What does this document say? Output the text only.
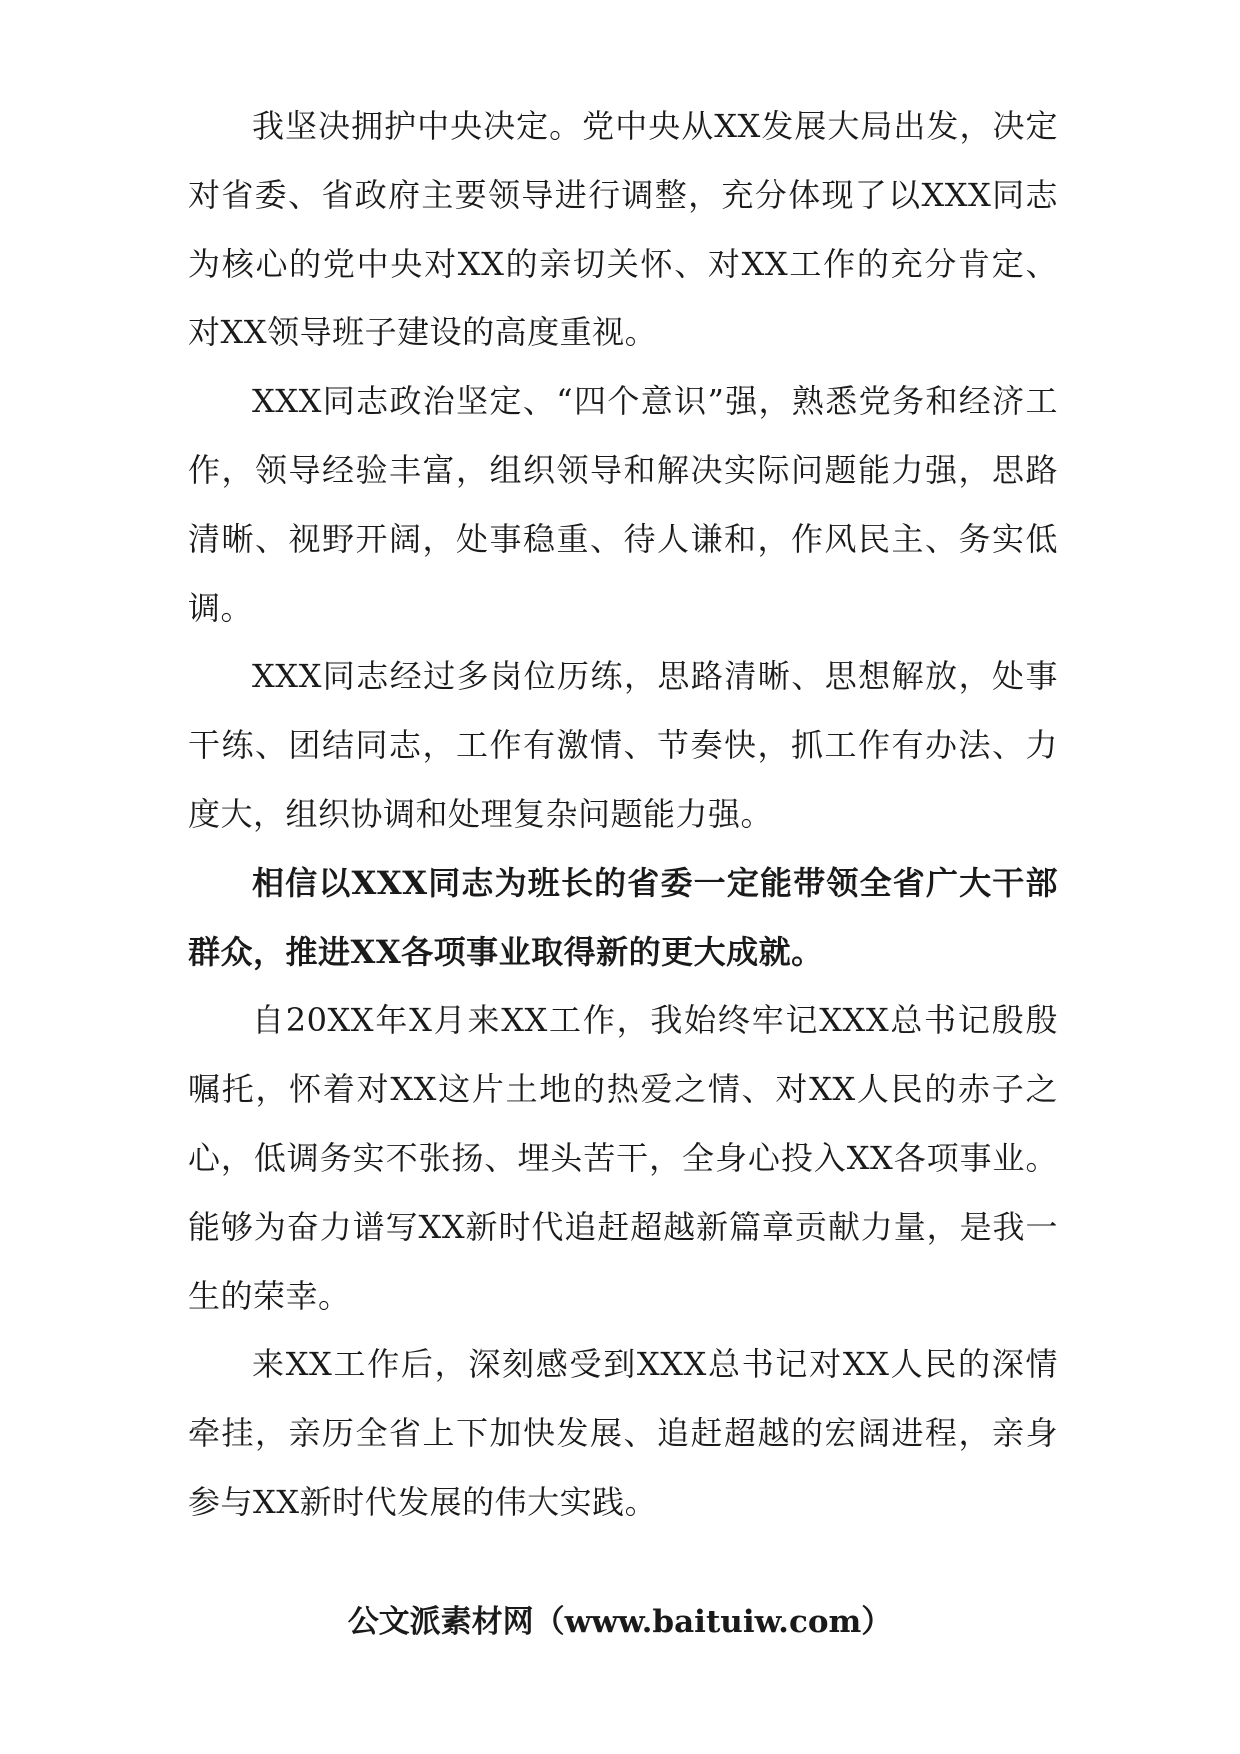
我坚决拥护中央决定。党中央从XX发展大局出发，决定对省委、省政府主要领导进行调整，充分体现了以XXX同志为核心的党中央对XX的亲切关怀、对XX工作的充分肯定、对XX领导班子建设的高度重视。

XXX同志政治坚定、“四个意识”强，熟悉党务和经济工作，领导经验丰富，组织领导和解决实际问题能力强，思路清晰、视野开阔，处事稳重、待人谦和，作风民主、务实低调。

XXX同志经过多岗位历练，思路清晰、思想解放，处事干练、团结同志，工作有激情、节奏快，抓工作有办法、力度大，组织协调和处理复杂问题能力强。

相信以XXX同志为班长的省委一定能带领全省广大干部群众，推进XX各项事业取得新的更大成就。

自20XX年X月来XX工作，我始终牢记XXX总书记殷殷嘱托，怀着对XX这片土地的热爱之情、对XX人民的赤子之心，低调务实不张扬、埋头苦干，全身心投入XX各项事业。能够为奋力谱写XX新时代追赶超越新篇章贡献力量，是我一生的荣幸。

来XX工作后，深刻感受到XXX总书记对XX人民的深情牵挂，亲历全省上下加快发展、追赶超越的宏阔进程，亲身参与XX新时代发展的伟大实践。

公文派素材网（www.baituiw.com）
